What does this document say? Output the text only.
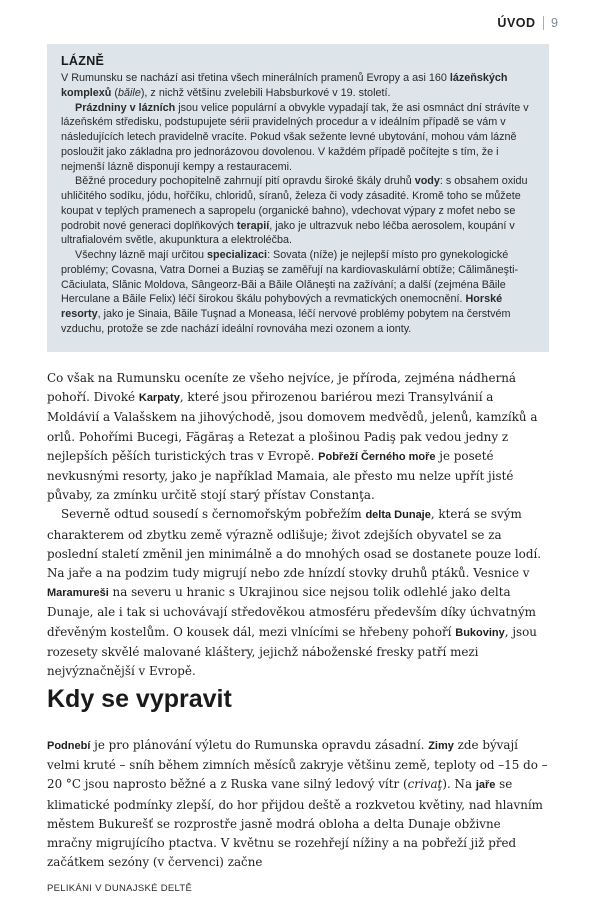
ÚVOD 9
LÁZNĚ

V Rumunsku se nachází asi třetina všech minerálních pramenů Evropy a asi 160 lázeňských komplexů (băile), z nichž většinu zvelebili Habsburkové v 19. století.

Prázdniny v lázních jsou velice populární a obvykle vypadají tak, že asi osmnáct dní strávíte v lázeňském středisku, podstupujete sérii pravidelných procedur a v ideálním případě se vám v následujících letech pravidelně vracíte. Pokud však sežente levné ubytování, mohou vám lázně posloužit jako základna pro jednorázovou dovolenou. V každém případě počítejte s tím, že i nejmenší lázně disponují kempy a restauracemi.

Běžné procedury pochopitelně zahrnují pití opravdu široké škály druhů vody: s obsahem oxidu uhličitého sodíku, jódu, hořčíku, chloridů, síranů, železa či vody zásadité. Kromě toho se můžete koupat v teplých pramenech a sapropelu (organické bahno), vdechovat výpary z mofet nebo se podrobit nové generaci doplňkových terapií, jako je ultrazvuk nebo léčba aerosolem, koupání v ultrafialovém světle, akupunktura a elektroléčba.

Všechny lázně mají určitou specializaci: Sovata (níže) je nejlepší místo pro gynekologické problémy; Covasna, Vatra Dornei a Buziaş se zaměřují na kardiovaskulární obtíže; Călimăneşti-Căciulata, Slănic Moldova, Sângeorz-Băi a Băile Olăneşti na zažívání; a další (zejména Băile Herculane a Băile Felix) léčí širokou škálu pohybových a revmatických onemocnění. Horské resorty, jako je Sinaia, Băile Tuşnad a Moneasa, léčí nervové problémy pobytem na čerstvém vzduchu, protože se zde nachází ideální rovnováha mezi ozonem a ionty.

Co však na Rumunsku oceníte ze všeho nejvíce, je příroda, zejména nádherná pohoří. Divoké Karpaty, které jsou přirozenou bariérou mezi Transylvánií a Moldávií a Valašskem na jihovýchodě, jsou domovem medvědů, jelenů, kamzíků a orlů. Pohořími Bucegi, Făgăraş a Retezat a plošinou Padiş pak vedou jedny z nejlepších pěších turistických tras v Evropě. Pobřeží Černého moře je poseté nevkusnými resorty, jako je například Mamaia, ale přesto mu nelze upřít jisté půvaby, za zmínku určitě stojí starý přístav Constanţa.

Severně odtud sousedí s černomořským pobřežím delta Dunaje, která se svým charakterem od zbytku země výrazně odlišuje; život zdejších obyvatel se za poslední staletí změnil jen minimálně a do mnohých osad se dostanete pouze lodí. Na jaře a na podzim tudy migrují nebo zde hnízdí stovky druhů ptáků. Vesnice v Maramureši na severu u hranic s Ukrajinou sice nejsou tolik odlehlé jako delta Dunaje, ale i tak si uchovávají středověkou atmosféru především díky úchvatným dřevěným kostelům. O kousek dál, mezi vlnícími se hřebeny pohoří Bukoviny, jsou rozesety skvělé malované kláštery, jejichž náboženské fresky patří mezi nejvýznačnější v Evropě.

Kdy se vypravit

Podnebí je pro plánování výletu do Rumunska opravdu zásadní. Zimy zde bývají velmi kruté – sníh během zimních měsíců zakryje většinu země, teploty od –15 do –20 °C jsou naprosto běžné a z Ruska vane silný ledový vítr (crivaţ). Na jaře se klimatické podmínky zlepší, do hor přijdou deště a rozkvetou květiny, nad hlavním městem Bukurešť se rozprostře jasně modrá obloha a delta Dunaje obživne mračny migrujícího ptactva. V květnu se rozehřejí nížiny a na pobřeží již před začátkem sezóny (v červenci) začne

PELIKÁNI V DUNAJSKÉ DELTĚ
